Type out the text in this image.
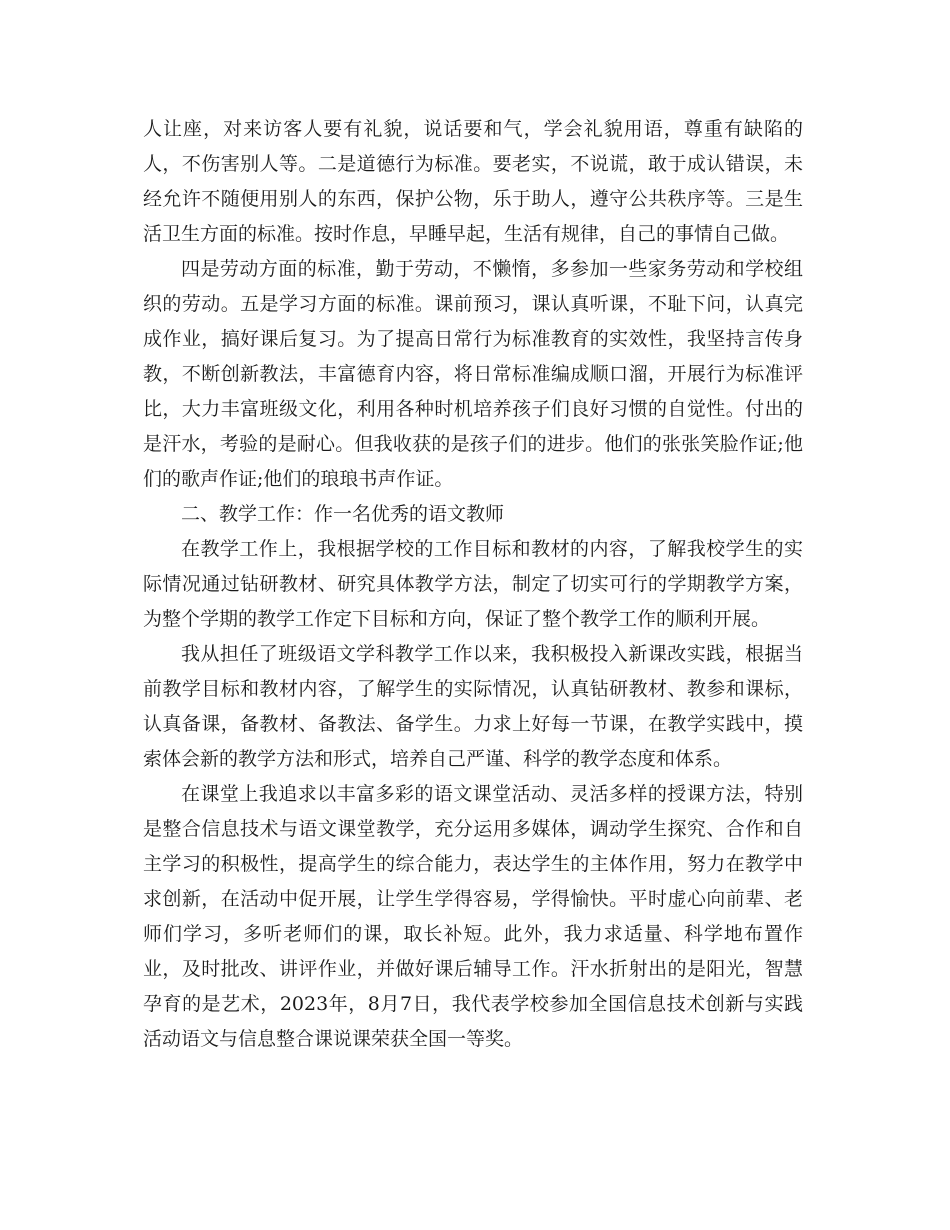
人让座，对来访客人要有礼貌，说话要和气，学会礼貌用语，尊重有缺陷的人，不伤害别人等。二是道德行为标准。要老实，不说谎，敢于成认错误，未经允许不随便用别人的东西，保护公物，乐于助人，遵守公共秩序等。三是生活卫生方面的标准。按时作息，早睡早起，生活有规律，自己的事情自己做。

四是劳动方面的标准，勤于劳动，不懒惰，多参加一些家务劳动和学校组织的劳动。五是学习方面的标准。课前预习，课认真听课，不耻下问，认真完成作业，搞好课后复习。为了提高日常行为标准教育的实效性，我坚持言传身教，不断创新教法，丰富德育内容，将日常标准编成顺口溜，开展行为标准评比，大力丰富班级文化，利用各种时机培养孩子们良好习惯的自觉性。付出的是汗水，考验的是耐心。但我收获的是孩子们的进步。他们的张张笑脸作证;他们的歌声作证;他们的琅琅书声作证。

二、教学工作：作一名优秀的语文教师

在教学工作上，我根据学校的工作目标和教材的内容，了解我校学生的实际情况通过钻研教材、研究具体教学方法，制定了切实可行的学期教学方案，为整个学期的教学工作定下目标和方向，保证了整个教学工作的顺利开展。

我从担任了班级语文学科教学工作以来，我积极投入新课改实践，根据当前教学目标和教材内容，了解学生的实际情况，认真钻研教材、教参和课标，认真备课，备教材、备教法、备学生。力求上好每一节课，在教学实践中，摸索体会新的教学方法和形式，培养自己严谨、科学的教学态度和体系。

在课堂上我追求以丰富多彩的语文课堂活动、灵活多样的授课方法，特别是整合信息技术与语文课堂教学，充分运用多媒体，调动学生探究、合作和自主学习的积极性，提高学生的综合能力，表达学生的主体作用，努力在教学中求创新，在活动中促开展，让学生学得容易，学得愉快。平时虚心向前辈、老师们学习，多听老师们的课，取长补短。此外，我力求适量、科学地布置作业，及时批改、讲评作业，并做好课后辅导工作。汗水折射出的是阳光，智慧孕育的是艺术，2023年，8月7日，我代表学校参加全国信息技术创新与实践活动语文与信息整合课说课荣获全国一等奖。
